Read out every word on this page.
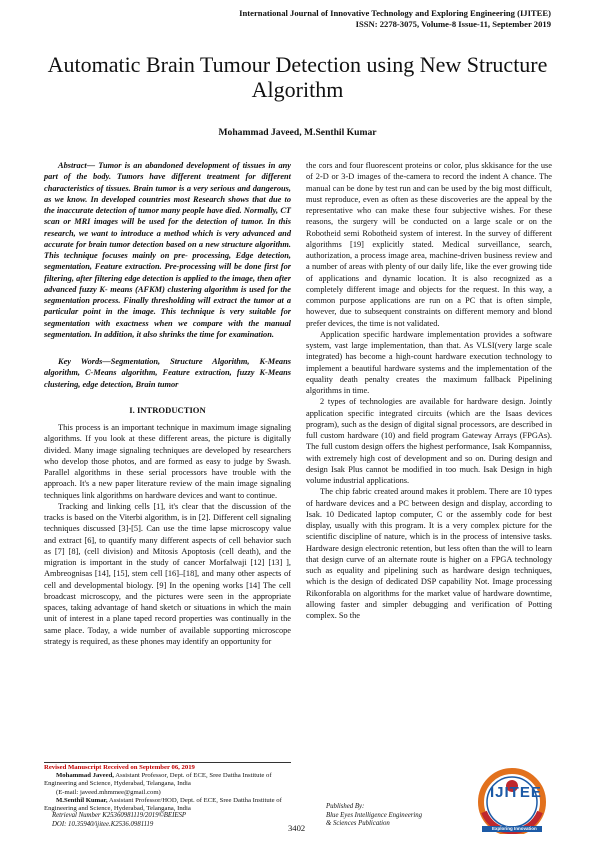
International Journal of Innovative Technology and Exploring Engineering (IJITEE)
ISSN: 2278-3075, Volume-8 Issue-11, September 2019
Automatic Brain Tumour Detection using New Structure Algorithm
Mohammad Javeed, M.Senthil Kumar

Abstract— Tumor is an abandoned development of tissues in any part of the body. Tumors have different treatment for different characteristics of tissues. Brain tumor is a very serious and dangerous, as we know. In developed countries most Research shows that due to the inaccurate detection of tumor many people have died. Normally, CT scan or MRI images will be used for the detection of tumor. In this research, we want to introduce a method which is very advanced and accurate for brain tumor detection based on a new structure algorithm. This technique focuses mainly on pre- processing, Edge detection, segmentation, Feature extraction. Pre-processing will be done first for filtering, after filtering edge detection is applied to the image, then after advanced fuzzy K- means (AFKM) clustering algorithm is used for the segmentation process. Finally thresholding will extract the tumor at a particular point in the image. This technique is very suitable for segmentation with exactness when we compare with the manual segmentation. In addition, it also shrinks the time for examination.

Key Words—Segmentation, Structure Algorithm, K-Means algorithm, C-Means algorithm, Feature extraction, fuzzy K-Means clustering, edge detection, Brain tumor

I. INTRODUCTION

This process is an important technique in maximum image signaling algorithms. If you look at these different areas, the picture is digitally divided. Many image signaling techniques are developed by researchers who develop those photos, and are formed as easy to judge by Swash. Parallel algorithms in these serial processors have trouble with the approach. It's a new paper literature review of the main image signaling techniques link algorithms on hardware devices and want to continue.

Tracking and linking cells [1], it's clear that the discussion of the tracks is based on the Viterbi algorithm, is in [2]. Different cell signaling techniques discussed [3]-[5]. Can use the time lapse microscopy value and extract [6], to quantify many different aspects of cell behavior such as [7] [8], (cell division) and Mitosis Apoptosis (cell death), and the migration is important in the study of cancer Morfalwaji [12] [13] ], Ambreognisas [14], [15], stem cell [16]–[18], and many other aspects of cell and developmental biology. [9] In the opening works [14] The cell broadcast microscopy, and the pictures were seen in the appropriate spaces, taking advantage of hand sketch or situations in which the main unit of interest in a plane taped record properties was continually in the same place. Today, a wide number of available supporting microscope strategy is required, as these phones may identify an opportunity for

the cors and four fluorescent proteins or color, plus skkisance for the use of 2-D or 3-D images of the-camera to record the indent A chance. The manual can be done by test run and can be used by the big most difficult, must reproduce, even as often as these discoveries are the appeal by the representative who can make these four subjective wishes. For these reasons, the surgery will be conducted on a large scale or on the Robotheid semi Robotheid system of interest. In the survey of different algorithms [19] explicitly stated. Medical surveillance, search, authorization, a process image area, machine-driven business review and a number of areas with plenty of our daily life, like the ever growing tide of applications and dynamic location. It is also recognized as a completely different image and objects for the request. In this way, a common purpose applications are run on a PC that is often simple, however, due to subsequent constraints on different memory and blond prefer devices, the time is not validated.

Application specific hardware implementation provides a software system, vast large implementation, than that. As VLSI(very large scale integrated) has become a high-count hardware execution technology to implement a beautiful hardware systems and the implementation of the equality death penalty creates the maximum fallback Pipelining algorithms in time.

2 types of technologies are available for hardware design. Jointly application specific integrated circuits (which are the Isaas devices program), such as the design of digital signal processors, are described in full custom hardware (10) and field program Gateway Arrays (FPGAs). The full custom design offers the highest performance, Isak Kompanniss, with extremely high cost of development and so on. During design and design Isak Plus cannot be modified in too much. Isak Design in high volume industrial applications.

The chip fabric created around makes it problem. There are 10 types of hardware devices and a PC between design and display, according to Isak. 10 Dedicated laptop computer, C or the assembly code for best display, usually with this program. It is a very complex picture for the scientific discipline of nature, which is in the process of intensive tasks. Hardware design electronic retention, but less often than the will to learn that design curve of an alternate route is higher on a FPGA technology such as equality and pipelining such as hardware design techniques, which is the design of dedicated DSP capability Not. Image processing Rikonforabla on algorithms for the market value of hardware downtime, allowing faster and simpler debugging and verification of Potting complex. So the

Revised Manuscript Received on September 06, 2019

Mohammad Javeed, Assistant Professor, Dept. of ECE, Sree Dattha Institute of Engineering and Science, Hyderabad, Telangana, India

(E-mail: javeed.mhmmee@gmail.com)

M.Senthil Kumar, Assistant Professor/HOD, Dept. of ECE, Sree Dattha Institute of Engineering and Science, Hyderabad, Telangana, India

Retrieval Number K25360981119/2019©BEIESP
DOI: 10.35940/ijitee.K2536.0981119	3402
Published By:
Blue Eyes Intelligence Engineering
& Sciences Publication
IJITEE
Exploring Innovation
